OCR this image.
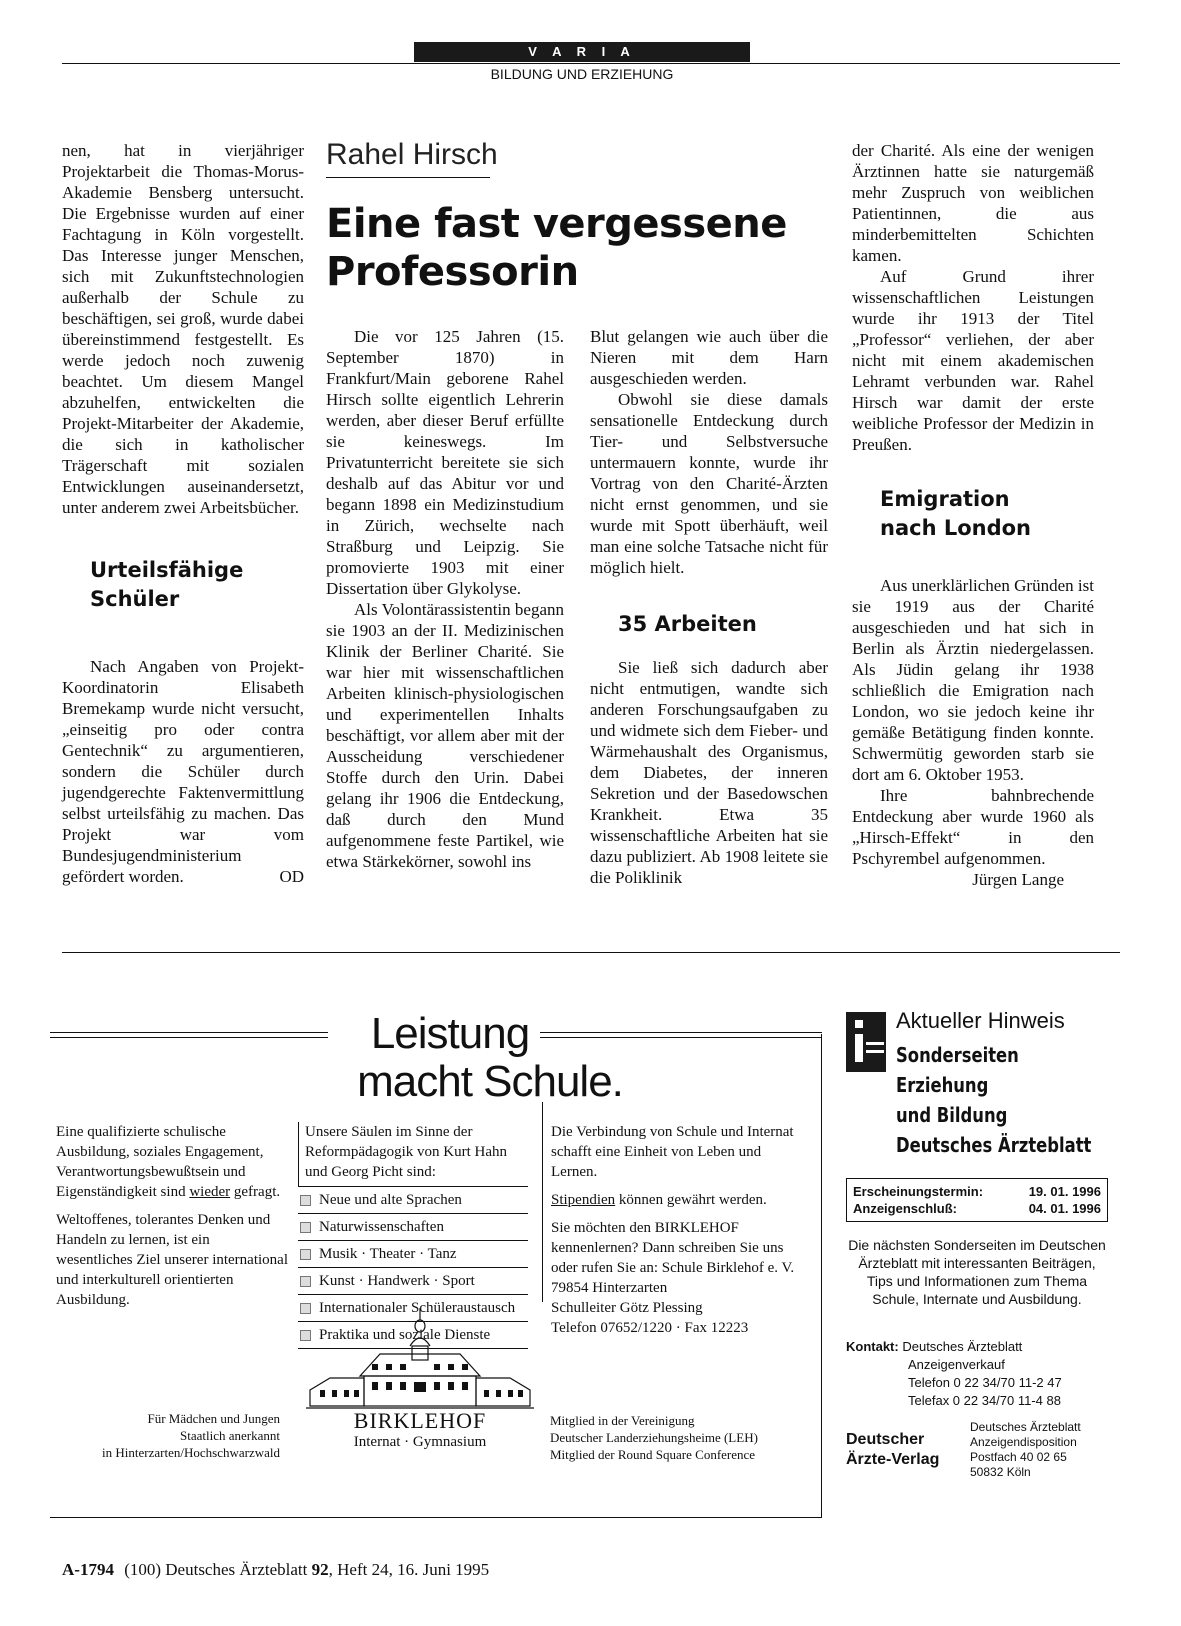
V A R I A
BILDUNG UND ERZIEHUNG

nen, hat in vierjähriger Projektarbeit die Thomas-Morus-Akademie Bensberg untersucht. Die Ergebnisse wurden auf einer Fachtagung in Köln vorgestellt. Das Interesse junger Menschen, sich mit Zukunftstechnologien außerhalb der Schule zu beschäftigen, sei groß, wurde dabei übereinstimmend festgestellt. Es werde jedoch noch zuwenig beachtet. Um diesem Mangel abzuhelfen, entwickelten die Projekt-Mitarbeiter der Akademie, die sich in katholischer Trägerschaft mit sozialen Entwicklungen auseinandersetzt, unter anderem zwei Arbeitsbücher.

Urteilsfähige
Schüler

Nach Angaben von Projekt-Koordinatorin Elisabeth Bremekamp wurde nicht versucht, „einseitig pro oder contra Gentechnik“ zu argumentieren, sondern die Schüler durch jugendgerechte Faktenvermittlung selbst urteilsfähig zu machen. Das Projekt war vom Bundesjugendministerium gefördert worden.	OD

Rahel Hirsch
Eine fast vergessene
Professorin

Die vor 125 Jahren (15. September 1870) in Frankfurt/Main geborene Rahel Hirsch sollte eigentlich Lehrerin werden, aber dieser Beruf erfüllte sie keineswegs. Im Privatunterricht bereitete sie sich deshalb auf das Abitur vor und begann 1898 ein Medizinstudium in Zürich, wechselte nach Straßburg und Leipzig. Sie promovierte 1903 mit einer Dissertation über Glykolyse.

Als Volontärassistentin begann sie 1903 an der II. Medizinischen Klinik der Berliner Charité. Sie war hier mit wissenschaftlichen Arbeiten klinisch-physiologischen und experimentellen Inhalts beschäftigt, vor allem aber mit der Ausscheidung verschiedener Stoffe durch den Urin. Dabei gelang ihr 1906 die Entdeckung, daß durch den Mund aufgenommene feste Partikel, wie etwa Stärkekörner, sowohl ins

Blut gelangen wie auch über die Nieren mit dem Harn ausgeschieden werden.

Obwohl sie diese damals sensationelle Entdeckung durch Tier- und Selbstversuche untermauern konnte, wurde ihr Vortrag von den Charité-Ärzten nicht ernst genommen, und sie wurde mit Spott überhäuft, weil man eine solche Tatsache nicht für möglich hielt.

35 Arbeiten

Sie ließ sich dadurch aber nicht entmutigen, wandte sich anderen Forschungsaufgaben zu und widmete sich dem Fieber- und Wärmehaushalt des Organismus, dem Diabetes, der inneren Sekretion und der Basedowschen Krankheit. Etwa 35 wissenschaftliche Arbeiten hat sie dazu publiziert. Ab 1908 leitete sie die Poliklinik

der Charité. Als eine der wenigen Ärztinnen hatte sie naturgemäß mehr Zuspruch von weiblichen Patientinnen, die aus minderbemittelten Schichten kamen.

Auf Grund ihrer wissenschaftlichen Leistungen wurde ihr 1913 der Titel „Professor“ verliehen, der aber nicht mit einem akademischen Lehramt verbunden war. Rahel Hirsch war damit der erste weibliche Professor der Medizin in Preußen.

Emigration
nach London

Aus unerklärlichen Gründen ist sie 1919 aus der Charité ausgeschieden und hat sich in Berlin als Ärztin niedergelassen. Als Jüdin gelang ihr 1938 schließlich die Emigration nach London, wo sie jedoch keine ihr gemäße Betätigung finden konnte. Schwermütig geworden starb sie dort am 6. Oktober 1953.

Ihre bahnbrechende Entdeckung aber wurde 1960 als „Hirsch-Effekt“ in den Pschyrembel aufgenommen.

Jürgen Lange
Leistung
macht Schule.

Eine qualifizierte schulische Ausbildung, soziales Engagement, Verantwortungsbewußtsein und Eigenständigkeit sind wieder gefragt.

Weltoffenes, tolerantes Denken und Handeln zu lernen, ist ein wesentliches Ziel unserer international und interkulturell orientierten Ausbildung.

Unsere Säulen im Sinne der Reformpädagogik von Kurt Hahn und Georg Picht sind:
Neue und alte Sprachen
Naturwissenschaften
Musik · Theater · Tanz
Kunst · Handwerk · Sport
Internationaler Schüleraustausch
Praktika und soziale Dienste

Die Verbindung von Schule und Internat schafft eine Einheit von Leben und Lernen.

Stipendien können gewährt werden.

Sie möchten den BIRKLEHOF kennenlernen? Dann schreiben Sie uns oder rufen Sie an: Schule Birklehof e. V.

79854 Hinterzarten
Schulleiter Götz Plessing
Telefon 07652/1220 · Fax 12223
Für Mädchen und Jungen
Staatlich anerkannt
in Hinterzarten/Hochschwarzwald
BIRKLEHOF
Internat · Gymnasium
Mitglied in der Vereinigung
Deutscher Landerziehungsheime (LEH)
Mitglied der Round Square Conference
Aktueller Hinweis
Sonderseiten
Erziehung
und Bildung
Deutsches Ärzteblatt
Erscheinungstermin:	19. 01. 1996
Anzeigenschluß:	04. 01. 1996
Die nächsten Sonderseiten im Deutschen Ärzteblatt mit interessanten Beiträgen, Tips und Informationen zum Thema Schule, Internate und Ausbildung.
Kontakt: Deutsches Ärzteblatt
Anzeigenverkauf
Telefon 0 22 34/70 11-2 47
Telefax 0 22 34/70 11-4 88
Deutscher
Ärzte-Verlag
Deutsches Ärzteblatt
Anzeigendisposition
Postfach 40 02 65
50832 Köln
A-1794 (100) Deutsches Ärzteblatt 92, Heft 24, 16. Juni 1995
